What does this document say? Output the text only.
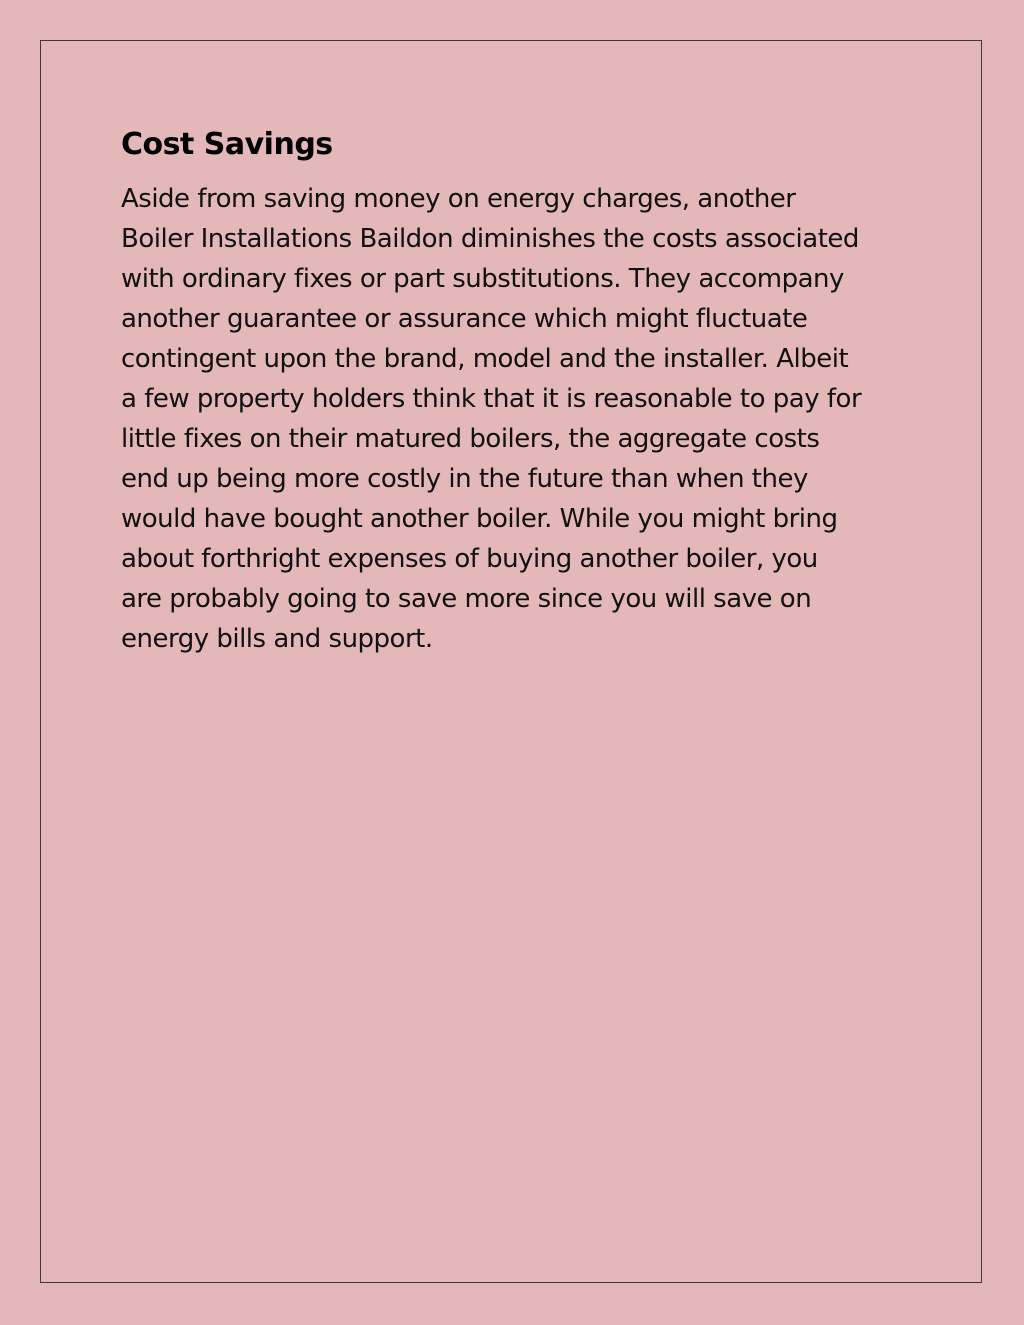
Cost Savings

Aside from saving money on energy charges, another
Boiler Installations Baildon diminishes the costs associated
with ordinary fixes or part substitutions. They accompany
another guarantee or assurance which might fluctuate
contingent upon the brand, model and the installer. Albeit
a few property holders think that it is reasonable to pay for
little fixes on their matured boilers, the aggregate costs
end up being more costly in the future than when they
would have bought another boiler. While you might bring
about forthright expenses of buying another boiler, you
are probably going to save more since you will save on
energy bills and support.
